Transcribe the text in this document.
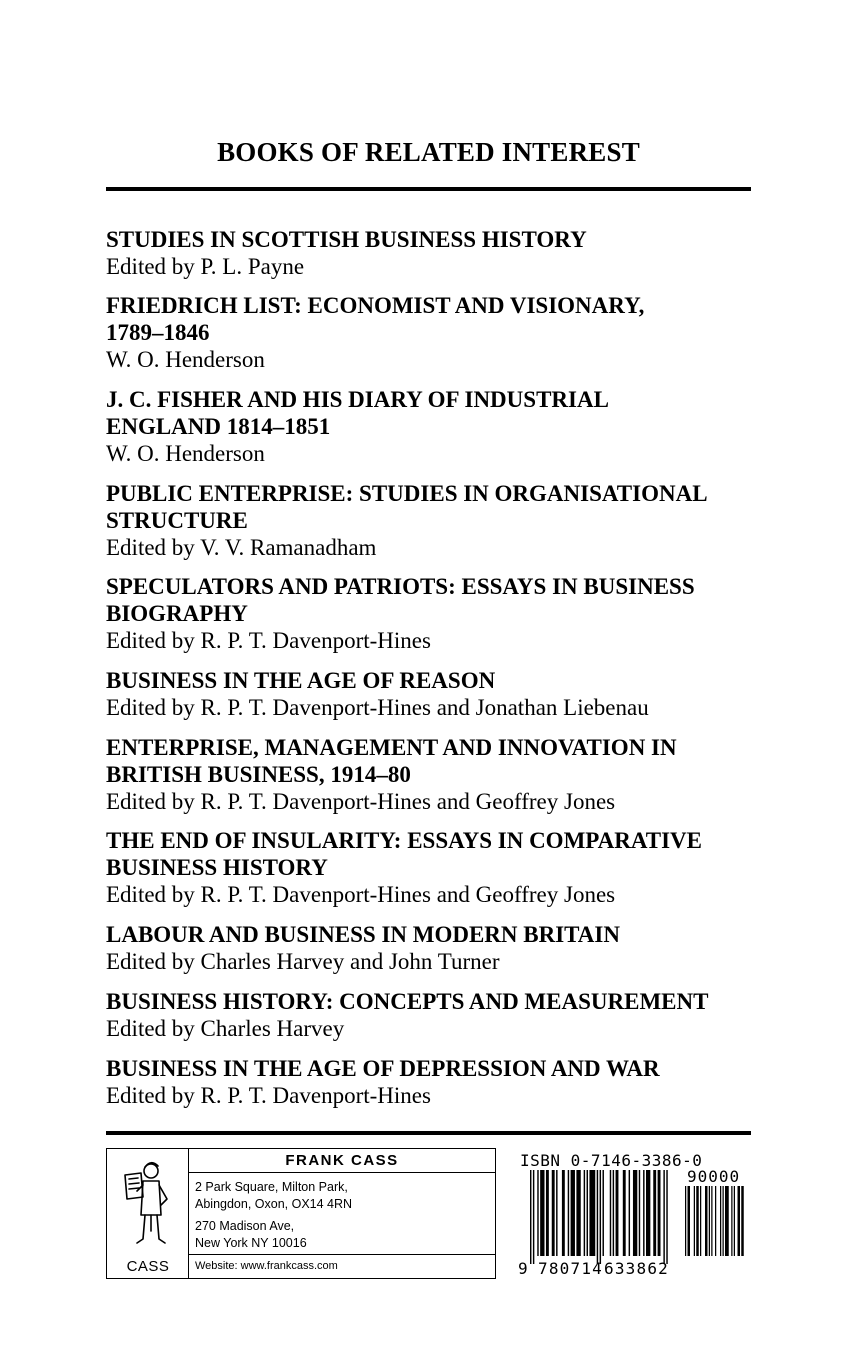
BOOKS OF RELATED INTEREST
STUDIES IN SCOTTISH BUSINESS HISTORY
Edited by P. L. Payne
FRIEDRICH LIST: ECONOMIST AND VISIONARY,
1789–1846
W. O. Henderson
J. C. FISHER AND HIS DIARY OF INDUSTRIAL
ENGLAND 1814–1851
W. O. Henderson
PUBLIC ENTERPRISE: STUDIES IN ORGANISATIONAL
STRUCTURE
Edited by V. V. Ramanadham
SPECULATORS AND PATRIOTS: ESSAYS IN BUSINESS
BIOGRAPHY
Edited by R. P. T. Davenport-Hines
BUSINESS IN THE AGE OF REASON
Edited by R. P. T. Davenport-Hines and Jonathan Liebenau
ENTERPRISE, MANAGEMENT AND INNOVATION IN
BRITISH BUSINESS, 1914–80
Edited by R. P. T. Davenport-Hines and Geoffrey Jones
THE END OF INSULARITY: ESSAYS IN COMPARATIVE
BUSINESS HISTORY
Edited by R. P. T. Davenport-Hines and Geoffrey Jones
LABOUR AND BUSINESS IN MODERN BRITAIN
Edited by Charles Harvey and John Turner
BUSINESS HISTORY: CONCEPTS AND MEASUREMENT
Edited by Charles Harvey
BUSINESS IN THE AGE OF DEPRESSION AND WAR
Edited by R. P. T. Davenport-Hines
CASS
FRANK CASS
2 Park Square, Milton Park,
Abingdon, Oxon, OX14 4RN
270 Madison Ave,
New York NY 10016
Website: www.frankcass.com
ISBN 0-7146-3386-0
90000
9 780714 633862
